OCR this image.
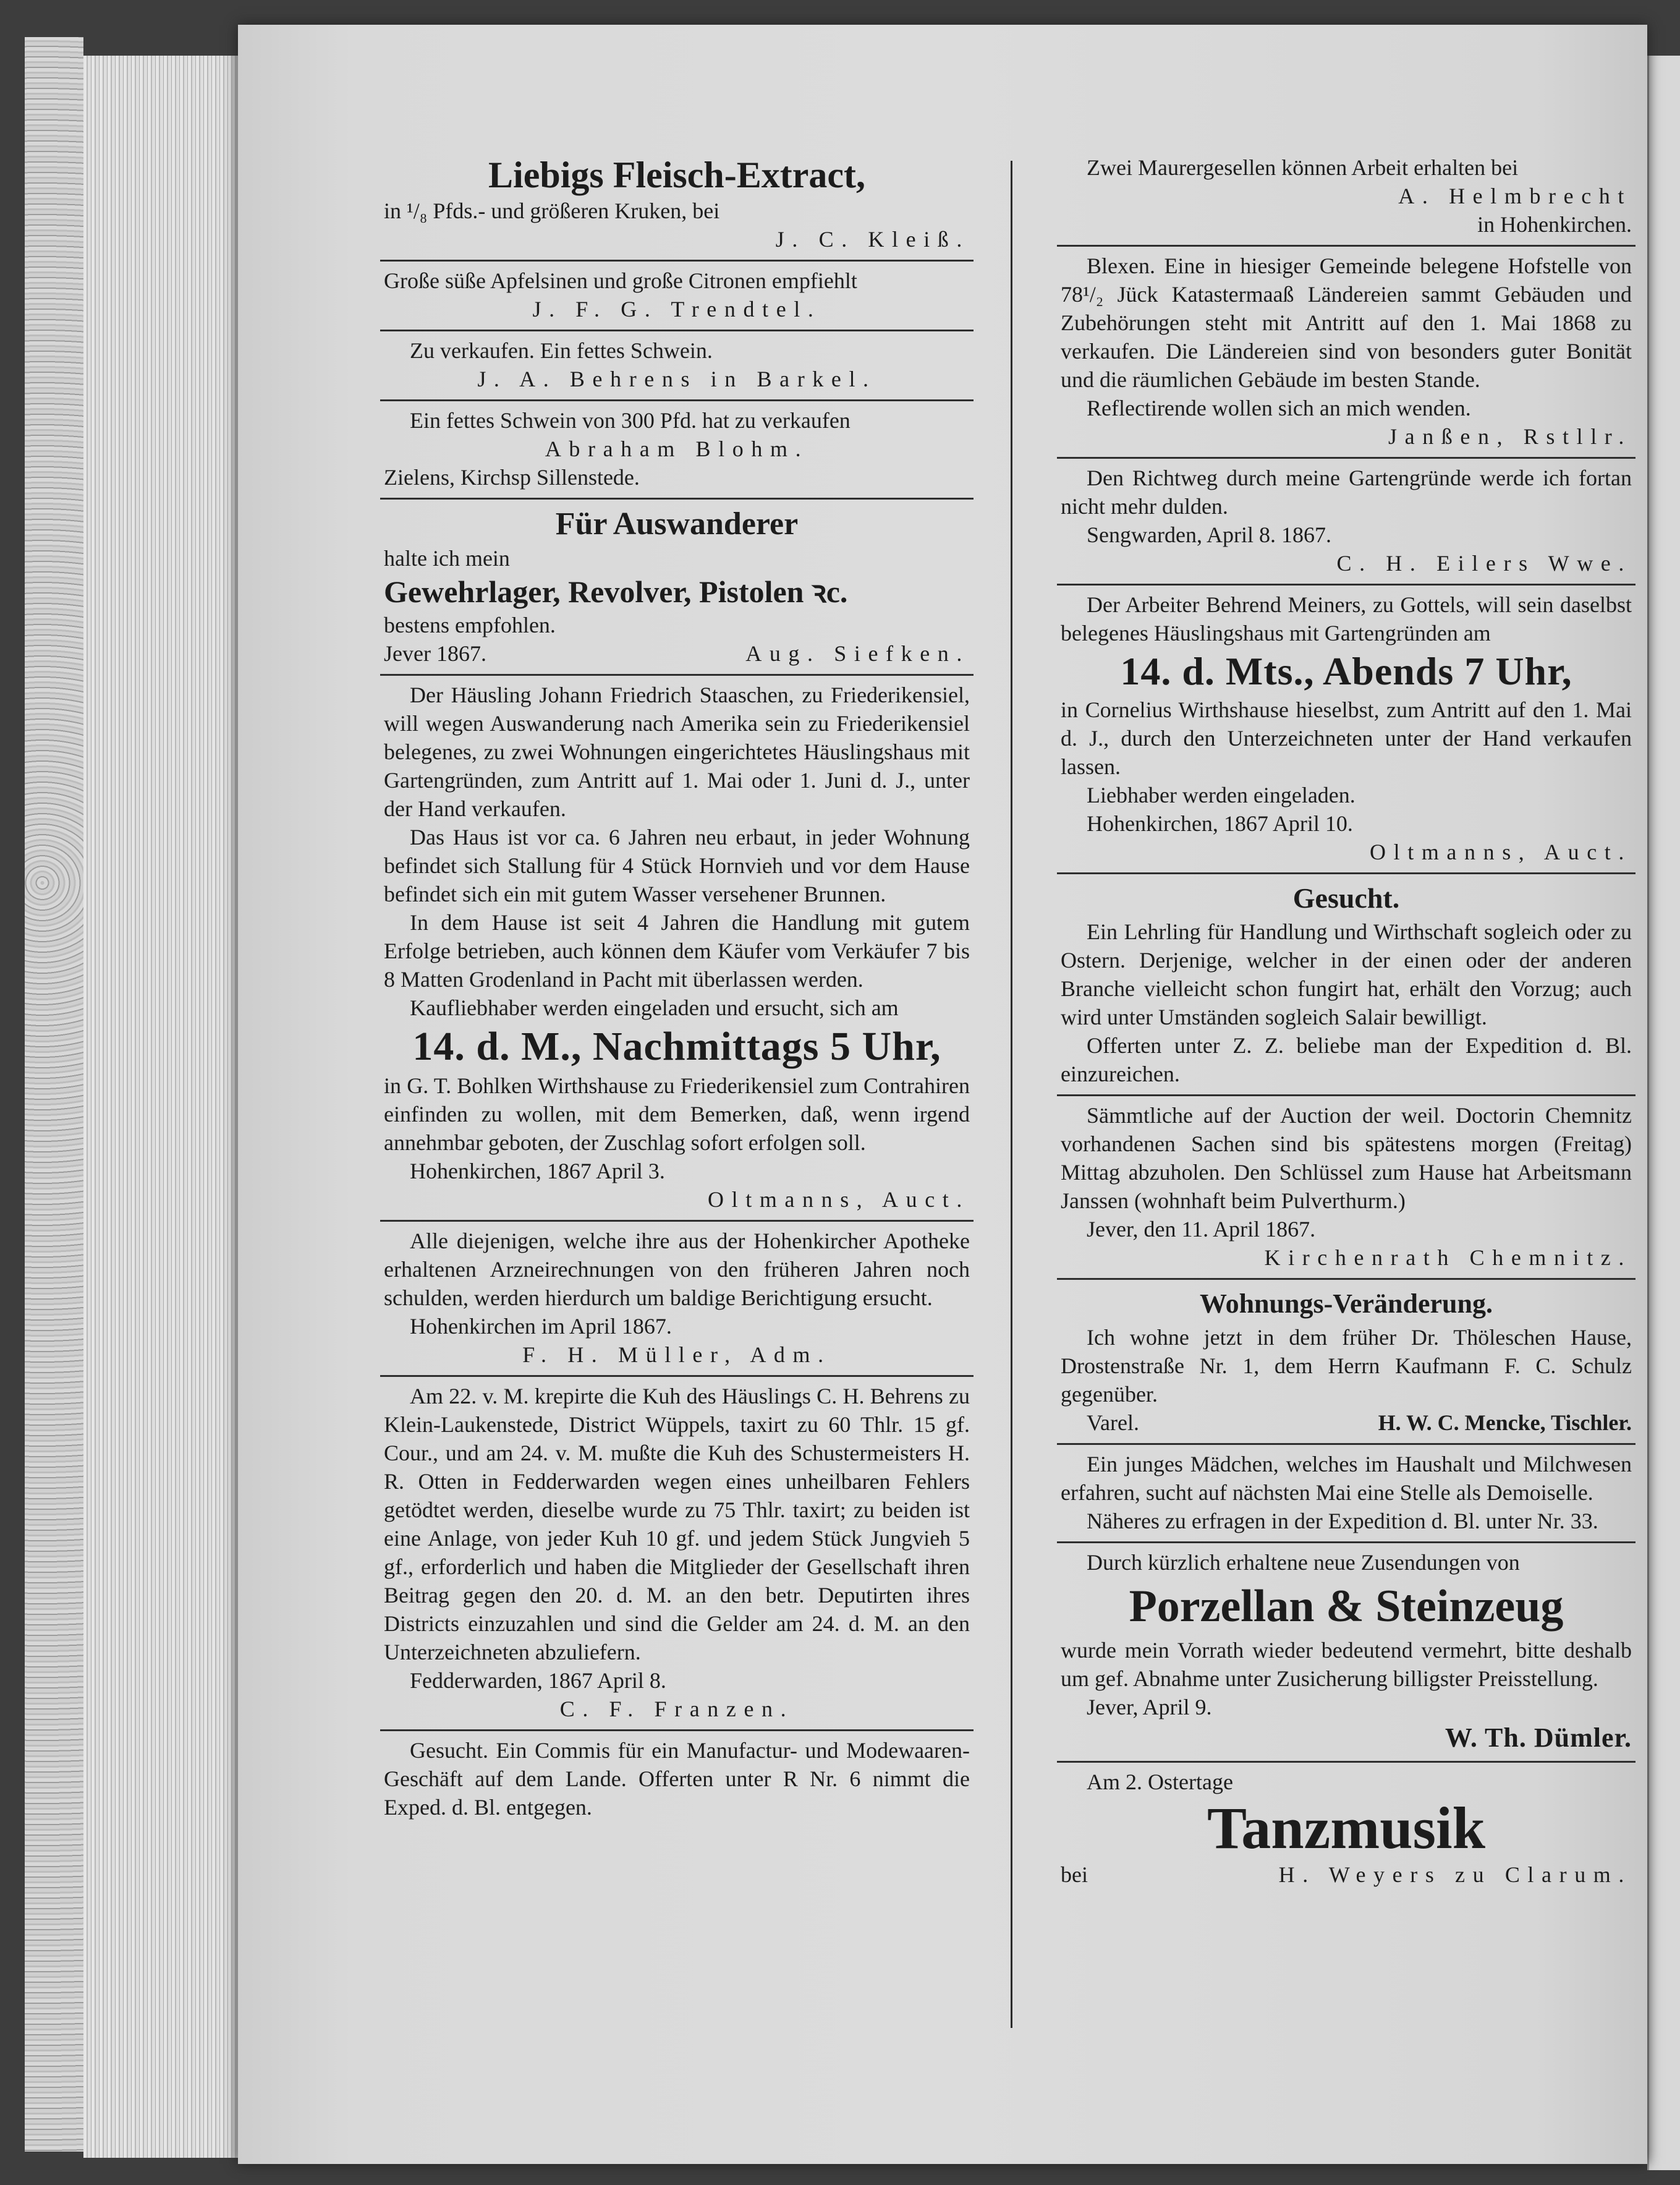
Liebigs Fleisch-Extract,

in ¹/₈ Pfds.- und größeren Kruken, bei

J. C. Kleiß.

Große süße Apfelsinen und große Citronen empfiehlt

J. F. G. Trendtel.

Zu verkaufen. Ein fettes Schwein.

J. A. Behrens in Barkel.

Ein fettes Schwein von 300 Pfd. hat zu verkaufen

Abraham Blohm.

Zielens, Kirchsp Sillenstede.

Für Auswanderer

halte ich mein

Gewehrlager, Revolver, Pistolen ꝛc.

bestens empfohlen.

Jever 1867.	Aug. Siefken.

Der Häusling Johann Friedrich Staaschen, zu Friederikensiel, will wegen Auswanderung nach Amerika sein zu Friederikensiel belegenes, zu zwei Wohnungen eingerichtetes Häuslingshaus mit Gartengründen, zum Antritt auf 1. Mai oder 1. Juni d. J., unter der Hand verkaufen.

Das Haus ist vor ca. 6 Jahren neu erbaut, in jeder Wohnung befindet sich Stallung für 4 Stück Hornvieh und vor dem Hause befindet sich ein mit gutem Wasser versehener Brunnen.

In dem Hause ist seit 4 Jahren die Handlung mit gutem Erfolge betrieben, auch können dem Käufer vom Verkäufer 7 bis 8 Matten Grodenland in Pacht mit überlassen werden.

Kaufliebhaber werden eingeladen und ersucht, sich am

14. d. M., Nachmittags 5 Uhr,

in G. T. Bohlken Wirthshause zu Friederikensiel zum Contrahiren einfinden zu wollen, mit dem Bemerken, daß, wenn irgend annehmbar geboten, der Zuschlag sofort erfolgen soll.

Hohenkirchen, 1867 April 3.

Oltmanns, Auct.

Alle diejenigen, welche ihre aus der Hohenkircher Apotheke erhaltenen Arzneirechnungen von den früheren Jahren noch schulden, werden hierdurch um baldige Berichtigung ersucht.

Hohenkirchen im April 1867.

F. H. Müller, Adm.

Am 22. v. M. krepirte die Kuh des Häuslings C. H. Behrens zu Klein-Laukenstede, District Wüppels, taxirt zu 60 Thlr. 15 gf. Cour., und am 24. v. M. mußte die Kuh des Schustermeisters H. R. Otten in Fedderwarden wegen eines unheilbaren Fehlers getödtet werden, dieselbe wurde zu 75 Thlr. taxirt; zu beiden ist eine Anlage, von jeder Kuh 10 gf. und jedem Stück Jungvieh 5 gf., erforderlich und haben die Mitglieder der Gesellschaft ihren Beitrag gegen den 20. d. M. an den betr. Deputirten ihres Districts einzuzahlen und sind die Gelder am 24. d. M. an den Unterzeichneten abzuliefern.

Fedderwarden, 1867 April 8.

C. F. Franzen.

Gesucht. Ein Commis für ein Manufactur- und Modewaaren-Geschäft auf dem Lande. Offerten unter R Nr. 6 nimmt die Exped. d. Bl. entgegen.

Zwei Maurergesellen können Arbeit erhalten bei

A. Helmbrecht

in Hohenkirchen.

Blexen. Eine in hiesiger Gemeinde belegene Hofstelle von 78¹/₂ Jück Katastermaaß Ländereien sammt Gebäuden und Zubehörungen steht mit Antritt auf den 1. Mai 1868 zu verkaufen. Die Ländereien sind von besonders guter Bonität und die räumlichen Gebäude im besten Stande.

Reflectirende wollen sich an mich wenden.

Janßen, Rstllr.

Den Richtweg durch meine Gartengründe werde ich fortan nicht mehr dulden.

Sengwarden, April 8. 1867.

C. H. Eilers Wwe.

Der Arbeiter Behrend Meiners, zu Gottels, will sein daselbst belegenes Häuslingshaus mit Gartengründen am

14. d. Mts., Abends 7 Uhr,

in Cornelius Wirthshause hieselbst, zum Antritt auf den 1. Mai d. J., durch den Unterzeichneten unter der Hand verkaufen lassen.

Liebhaber werden eingeladen.

Hohenkirchen, 1867 April 10.

Oltmanns, Auct.

Gesucht.

Ein Lehrling für Handlung und Wirthschaft sogleich oder zu Ostern. Derjenige, welcher in der einen oder der anderen Branche vielleicht schon fungirt hat, erhält den Vorzug; auch wird unter Umständen sogleich Salair bewilligt.

Offerten unter Z. Z. beliebe man der Expedition d. Bl. einzureichen.

Sämmtliche auf der Auction der weil. Doctorin Chemnitz vorhandenen Sachen sind bis spätestens morgen (Freitag) Mittag abzuholen. Den Schlüssel zum Hause hat Arbeitsmann Janssen (wohnhaft beim Pulverthurm.)

Jever, den 11. April 1867.

Kirchenrath Chemnitz.

Wohnungs-Veränderung.

Ich wohne jetzt in dem früher Dr. Thöleschen Hause, Drostenstraße Nr. 1, dem Herrn Kaufmann F. C. Schulz gegenüber.

Varel.	H. W. C. Mencke, Tischler.

Ein junges Mädchen, welches im Haushalt und Milchwesen erfahren, sucht auf nächsten Mai eine Stelle als Demoiselle.

Näheres zu erfragen in der Expedition d. Bl. unter Nr. 33.

Durch kürzlich erhaltene neue Zusendungen von

Porzellan & Steinzeug

wurde mein Vorrath wieder bedeutend vermehrt, bitte deshalb um gef. Abnahme unter Zusicherung billigster Preisstellung.

Jever, April 9.

W. Th. Dümler.

Am 2. Ostertage

Tanzmusik

bei	H. Weyers zu Clarum.
